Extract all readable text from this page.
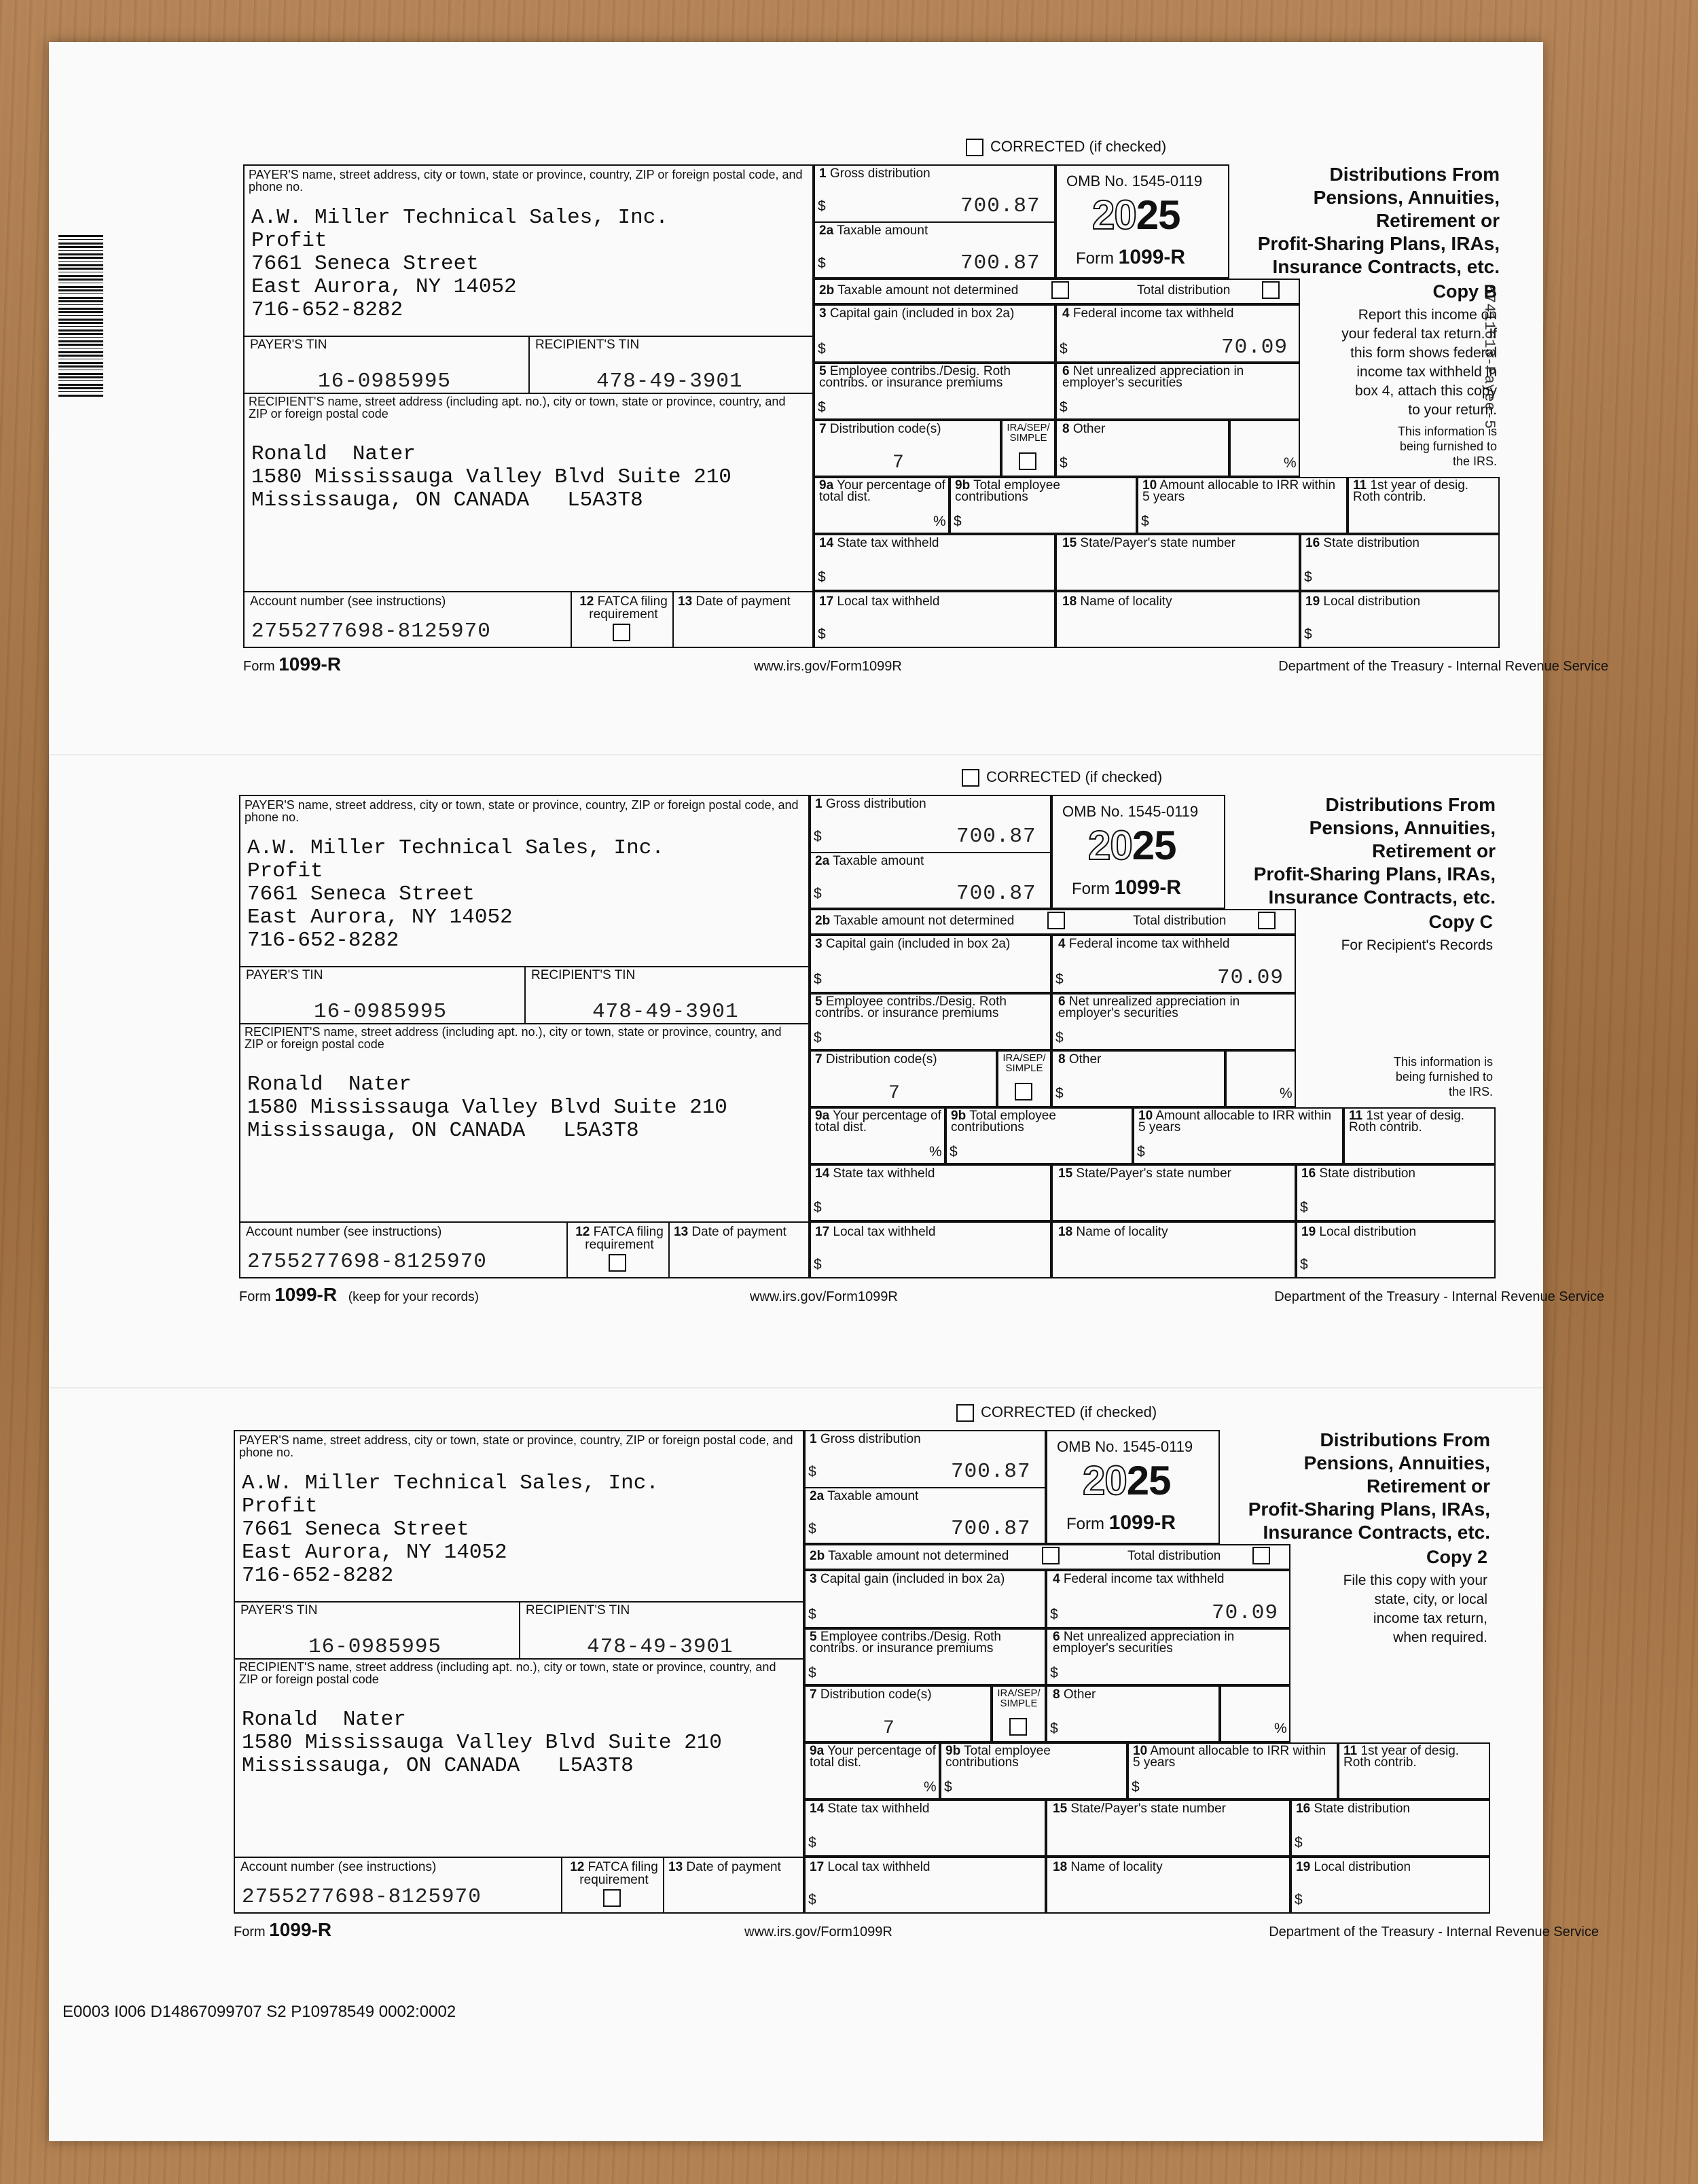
57411613-Payee-5
E0003 I006 D14867099707 S2 P10978549 0002:0002
CORRECTED (if checked)
PAYER'S name, street address, city or town, state or province, country, ZIP or foreign postal code, and phone no.
A.W. Miller Technical Sales, Inc.
Profit
7661 Seneca Street
East Aurora, NY 14052
716-652-8282
PAYER'S TIN	RECIPIENT'S TIN
16-0985995	478-49-3901
RECIPIENT'S name, street address (including apt. no.), city or town, state or province, country, and ZIP or foreign postal code
Ronald  Nater
1580 Mississauga Valley Blvd Suite 210
Mississauga, ON CANADA   L5A3T8
Account number (see instructions)
2755277698-8125970
12 FATCA filing requirement
13 Date of payment
1 Gross distribution
$	700.87
2a Taxable amount
$	700.87
OMB No. 1545-0119
2025
Form 1099-R
Distributions From
Pensions, Annuities,
Retirement or
Profit-Sharing Plans, IRAs,
Insurance Contracts, etc.
2b Taxable amount not determined	Total distribution
3 Capital gain (included in box 2a)
$
4 Federal income tax withheld
$	70.09
5 Employee contribs./Desig. Roth contribs. or insurance premiums
$
6 Net unrealized appreciation in employer's securities
$
7 Distribution code(s)
7
IRA/SEP/ SIMPLE
8 Other
$	%
9a Your percentage of total dist.
%
9b Total employee contributions
$
10 Amount allocable to IRR within 5 years
$
11 1st year of desig. Roth contrib.
14 State tax withheld
$
15 State/Payer's state number	16 State distribution
$
17 Local tax withheld
$
18 Name of locality	19 Local distribution
$
Copy B
Report this income on
your federal tax return. If
this form shows federal
income tax withheld in
box 4, attach this copy
to your return.
This information is
being furnished to
the IRS.
Form 1099-R	www.irs.gov/Form1099R	Department of the Treasury - Internal Revenue Service
CORRECTED (if checked)
PAYER'S name, street address, city or town, state or province, country, ZIP or foreign postal code, and phone no.
A.W. Miller Technical Sales, Inc.
Profit
7661 Seneca Street
East Aurora, NY 14052
716-652-8282
PAYER'S TIN	RECIPIENT'S TIN
16-0985995	478-49-3901
RECIPIENT'S name, street address (including apt. no.), city or town, state or province, country, and ZIP or foreign postal code
Ronald  Nater
1580 Mississauga Valley Blvd Suite 210
Mississauga, ON CANADA   L5A3T8
Account number (see instructions)
2755277698-8125970
12 FATCA filing requirement
13 Date of payment
1 Gross distribution
$	700.87
2a Taxable amount
$	700.87
OMB No. 1545-0119
2025
Form 1099-R
Distributions From
Pensions, Annuities,
Retirement or
Profit-Sharing Plans, IRAs,
Insurance Contracts, etc.
2b Taxable amount not determined	Total distribution
3 Capital gain (included in box 2a)
$
4 Federal income tax withheld
$	70.09
5 Employee contribs./Desig. Roth contribs. or insurance premiums
$
6 Net unrealized appreciation in employer's securities
$
7 Distribution code(s)
7
IRA/SEP/ SIMPLE
8 Other
$	%
9a Your percentage of total dist.
%
9b Total employee contributions
$
10 Amount allocable to IRR within 5 years
$
11 1st year of desig. Roth contrib.
14 State tax withheld
$
15 State/Payer's state number	16 State distribution
$
17 Local tax withheld
$
18 Name of locality	19 Local distribution
$
Copy C
For Recipient's Records
This information is
being furnished to
the IRS.
Form 1099-R (keep for your records)	www.irs.gov/Form1099R	Department of the Treasury - Internal Revenue Service
CORRECTED (if checked)
PAYER'S name, street address, city or town, state or province, country, ZIP or foreign postal code, and phone no.
A.W. Miller Technical Sales, Inc.
Profit
7661 Seneca Street
East Aurora, NY 14052
716-652-8282
PAYER'S TIN	RECIPIENT'S TIN
16-0985995	478-49-3901
RECIPIENT'S name, street address (including apt. no.), city or town, state or province, country, and ZIP or foreign postal code
Ronald  Nater
1580 Mississauga Valley Blvd Suite 210
Mississauga, ON CANADA   L5A3T8
Account number (see instructions)
2755277698-8125970
12 FATCA filing requirement
13 Date of payment
1 Gross distribution
$	700.87
2a Taxable amount
$	700.87
OMB No. 1545-0119
2025
Form 1099-R
Distributions From
Pensions, Annuities,
Retirement or
Profit-Sharing Plans, IRAs,
Insurance Contracts, etc.
2b Taxable amount not determined	Total distribution
3 Capital gain (included in box 2a)
$
4 Federal income tax withheld
$	70.09
5 Employee contribs./Desig. Roth contribs. or insurance premiums
$
6 Net unrealized appreciation in employer's securities
$
7 Distribution code(s)
7
IRA/SEP/ SIMPLE
8 Other
$	%
9a Your percentage of total dist.
%
9b Total employee contributions
$
10 Amount allocable to IRR within 5 years
$
11 1st year of desig. Roth contrib.
14 State tax withheld
$
15 State/Payer's state number	16 State distribution
$
17 Local tax withheld
$
18 Name of locality	19 Local distribution
$
Copy 2
File this copy with your
state, city, or local
income tax return,
when required.
Form 1099-R	www.irs.gov/Form1099R	Department of the Treasury - Internal Revenue Service
